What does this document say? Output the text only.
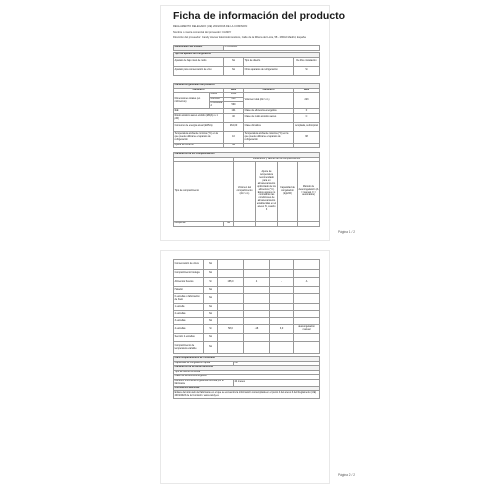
Ficha de información del producto
REGLAMENTO DELEGADO (UE) 2019/2016 DE LA COMISIÓN
Nombre o marca comercial del proveedor: CANDY
Dirección del proveedor: Candy Hoover Electrodomésticos, Calle de la Ribera del Loira, 58 - 28042 Madrid, España
Identificador del modelo	CVS5A60W
Tipo de aparato de refrigeración			
Aparato de bajo nivel de ruido	No	Tipo de diseño	De libre instalación
Aparato para conservación de vino	No	Otros aparatos de refrigeración	Sí
Parámetros generales del producto				
Parámetro		Valor	Parámetro	Valor
Dimensiones totales (en milímetros)	Altura	1490	Volumen total (dm³ o L)	223
	Anchura	600		
	Profundidad	590		
IEE		101	Clase de eficiencia energética	F
Ruido acústico aéreo emitido (dB(A) re 1 pW)		40	Clase de ruido acústico aéreo	C
Consumo de energía anual (kWh/a)		264,00	Clase climática	templada, subtropical
Temperatura ambiente mínima (°C) en la que puede utilizarse el aparato de refrigeración		10	Temperatura ambiente máxima (°C) en la que puede utilizarse el aparato de refrigeración	38
Ajuste de invierno		No		
Parámetros de los compartimentos					
		Parámetros y valores de los compartimentos			
Tipo de compartimento		Volumen del compartimento (dm³ o L)	Ajuste de temperatura recomendado para un almacenamiento optimizado de los alimentos (°C). Estos ajustes no contradirán las condiciones de almacenamiento establecidas en el anexo IV, cuadro 3	Capacidad de congelación (kg/24h)	Método de descongelación (A = manual, F = automática)
Despensa	No				
Página 1 / 2
Conservación de vinos	No				
Compartimento bodega	No				
Alimentos frescos	Sí	165,0	4	-	A
Helador	No				
0 estrellas o fabricación de hielo	No				
1 estrella	No				
2 estrellas	No				
3 estrellas	No				
4 estrellas	Sí	58,0	-18	3,0	descongelación manual
Sección 2 estrellas	No				
Compartimento de temperatura variable	No				
Para compartimentos de 4 estrellas	
Capacidad de congelación rápida	No
Parámetros de la fuente luminosa	
Tipo de fuente luminosa	
Clase de eficiencia energética	
Duración mínima de la garantía ofrecida por el fabricante	24 meses
Información adicional	
Enlace del sitio web del fabricante en el que se encuentra la información contemplada en el punto 4 del anexo II del Reglamento (UE) 2019/2023 de la Comisión: www.candy.es	
Página 2 / 2
